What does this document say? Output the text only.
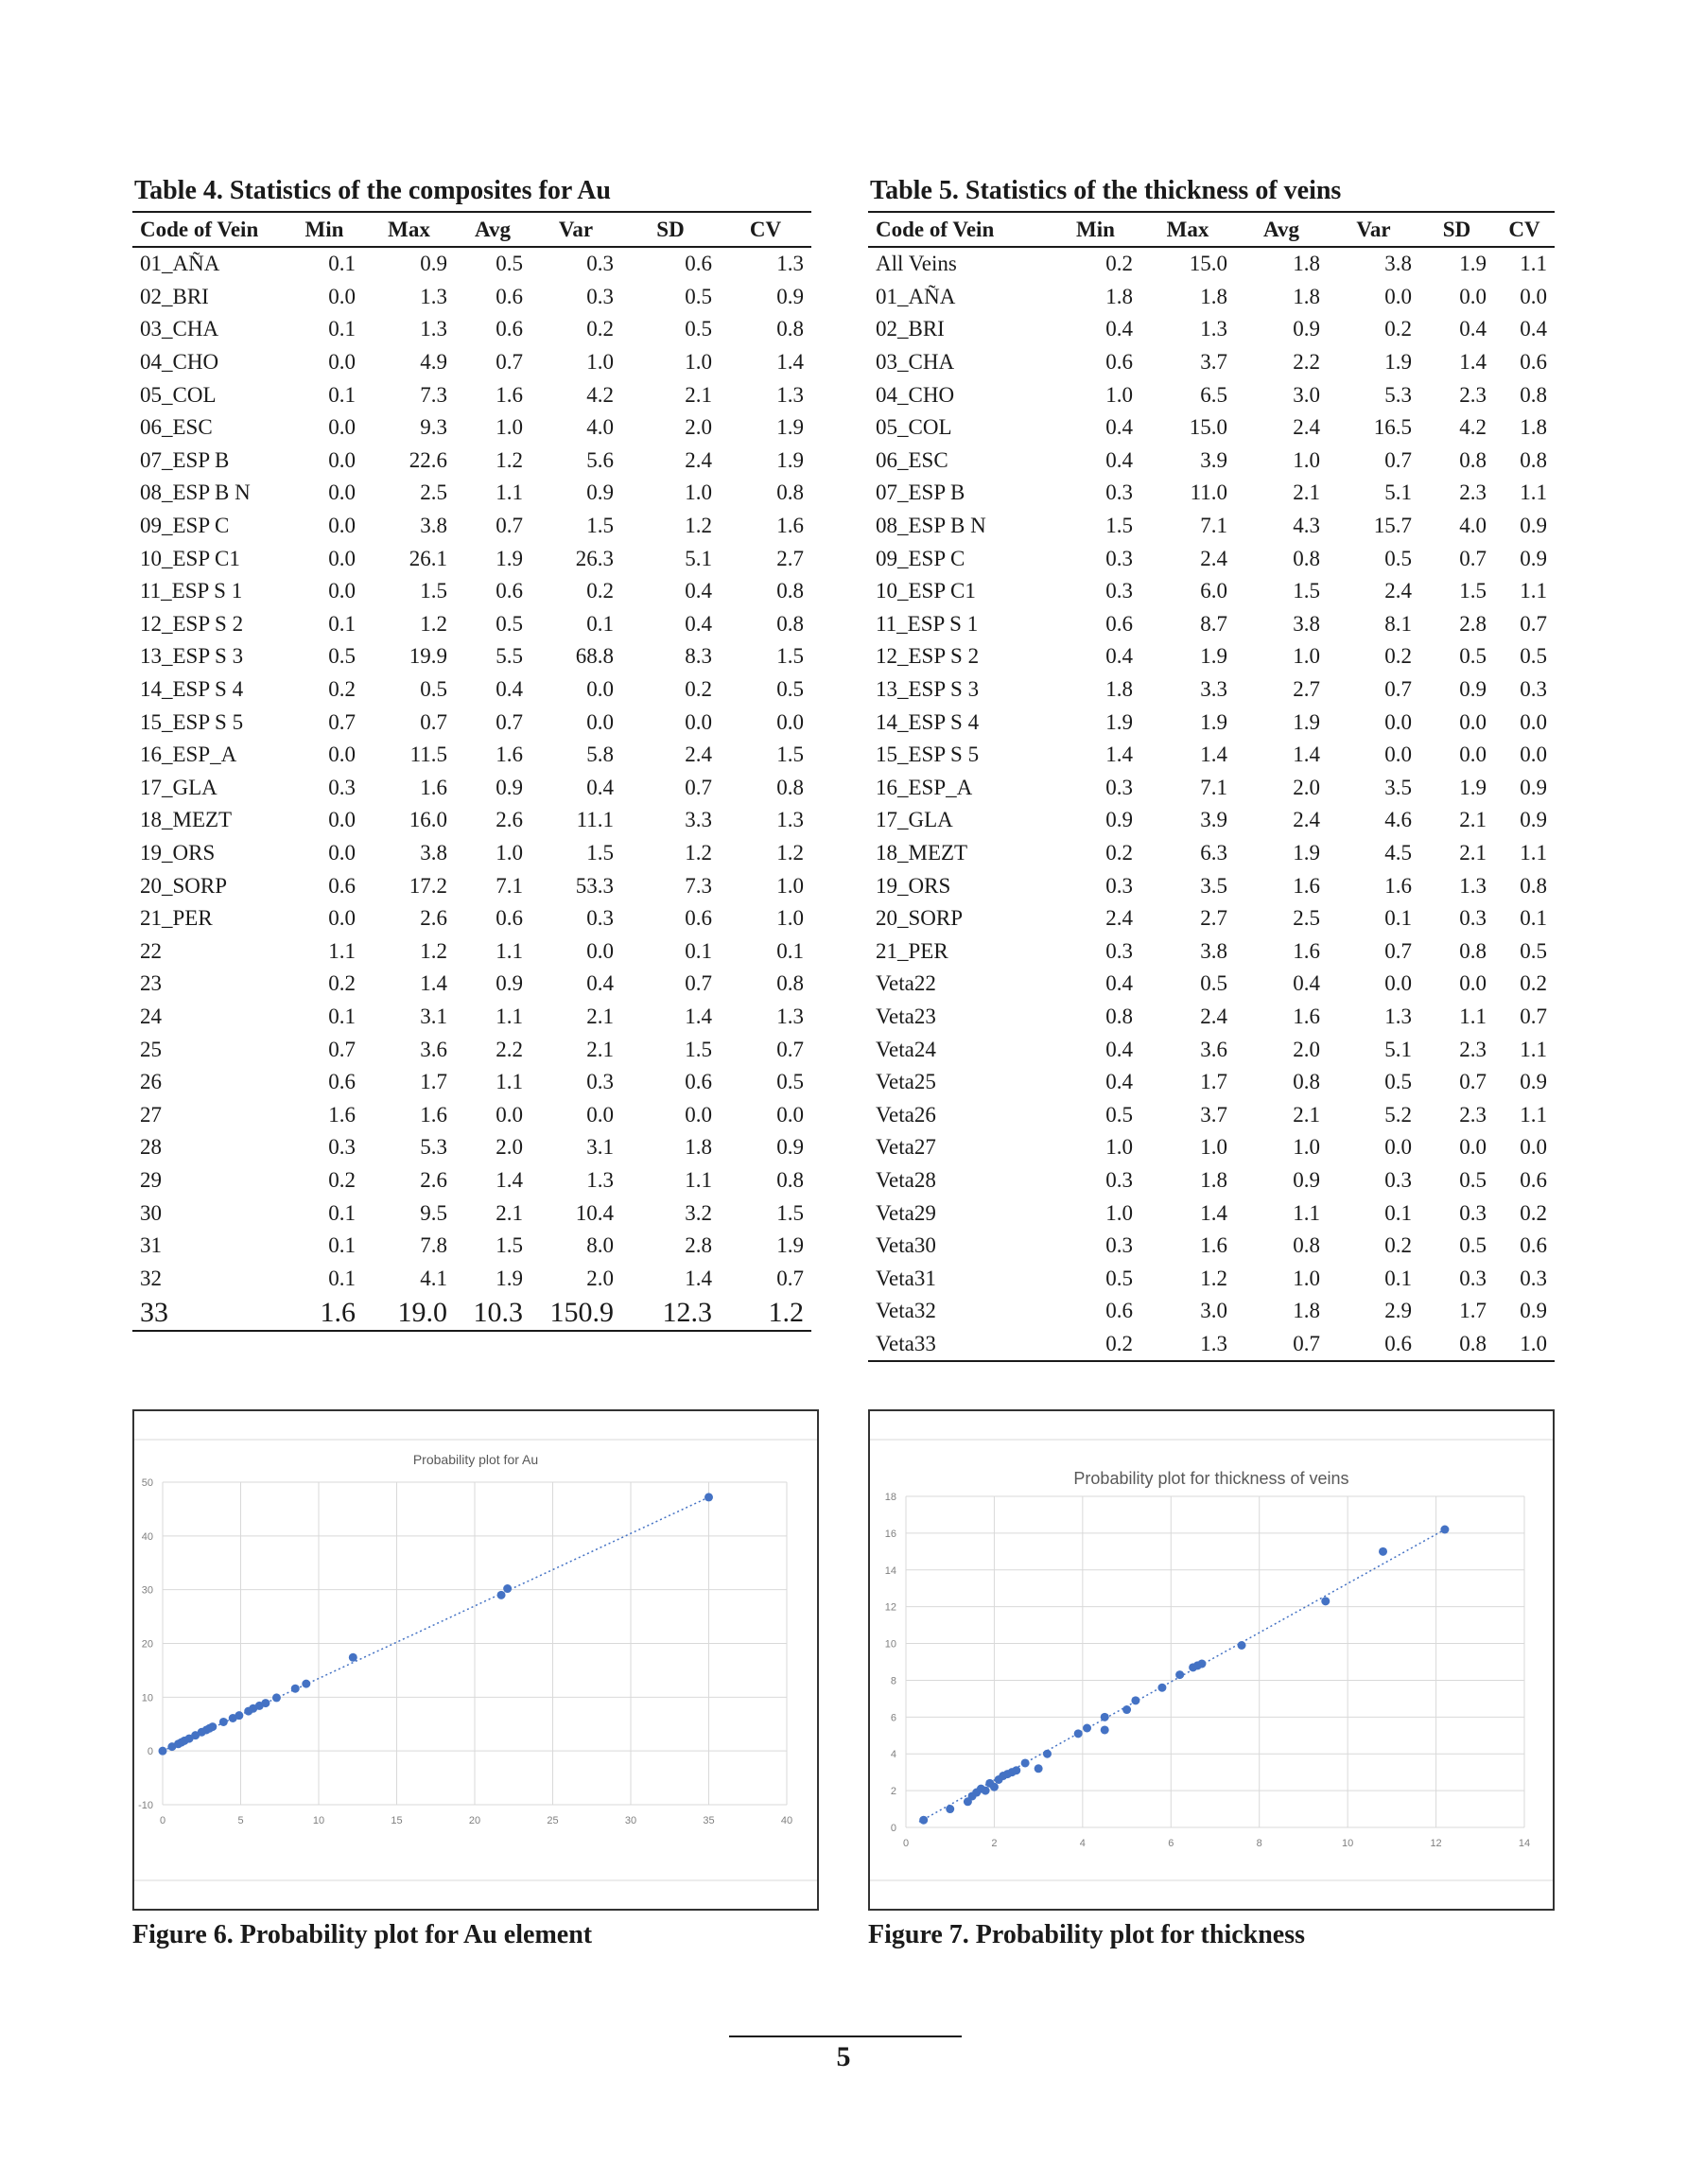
Table 4. Statistics of the composites for Au
Code of Vein	Min	Max	Avg	Var	SD	CV
01_AÑA	0.1	0.9	0.5	0.3	0.6	1.3
02_BRI	0.0	1.3	0.6	0.3	0.5	0.9
03_CHA	0.1	1.3	0.6	0.2	0.5	0.8
04_CHO	0.0	4.9	0.7	1.0	1.0	1.4
05_COL	0.1	7.3	1.6	4.2	2.1	1.3
06_ESC	0.0	9.3	1.0	4.0	2.0	1.9
07_ESP B	0.0	22.6	1.2	5.6	2.4	1.9
08_ESP B N	0.0	2.5	1.1	0.9	1.0	0.8
09_ESP C	0.0	3.8	0.7	1.5	1.2	1.6
10_ESP C1	0.0	26.1	1.9	26.3	5.1	2.7
11_ESP S 1	0.0	1.5	0.6	0.2	0.4	0.8
12_ESP S 2	0.1	1.2	0.5	0.1	0.4	0.8
13_ESP S 3	0.5	19.9	5.5	68.8	8.3	1.5
14_ESP S 4	0.2	0.5	0.4	0.0	0.2	0.5
15_ESP S 5	0.7	0.7	0.7	0.0	0.0	0.0
16_ESP_A	0.0	11.5	1.6	5.8	2.4	1.5
17_GLA	0.3	1.6	0.9	0.4	0.7	0.8
18_MEZT	0.0	16.0	2.6	11.1	3.3	1.3
19_ORS	0.0	3.8	1.0	1.5	1.2	1.2
20_SORP	0.6	17.2	7.1	53.3	7.3	1.0
21_PER	0.0	2.6	0.6	0.3	0.6	1.0
22	1.1	1.2	1.1	0.0	0.1	0.1
23	0.2	1.4	0.9	0.4	0.7	0.8
24	0.1	3.1	1.1	2.1	1.4	1.3
25	0.7	3.6	2.2	2.1	1.5	0.7
26	0.6	1.7	1.1	0.3	0.6	0.5
27	1.6	1.6	0.0	0.0	0.0	0.0
28	0.3	5.3	2.0	3.1	1.8	0.9
29	0.2	2.6	1.4	1.3	1.1	0.8
30	0.1	9.5	2.1	10.4	3.2	1.5
31	0.1	7.8	1.5	8.0	2.8	1.9
32	0.1	4.1	1.9	2.0	1.4	0.7
33	1.6	19.0	10.3	150.9	12.3	1.2
Table 5. Statistics of the thickness of veins
Code of Vein	Min	Max	Avg	Var	SD	CV
All Veins	0.2	15.0	1.8	3.8	1.9	1.1
01_AÑA	1.8	1.8	1.8	0.0	0.0	0.0
02_BRI	0.4	1.3	0.9	0.2	0.4	0.4
03_CHA	0.6	3.7	2.2	1.9	1.4	0.6
04_CHO	1.0	6.5	3.0	5.3	2.3	0.8
05_COL	0.4	15.0	2.4	16.5	4.2	1.8
06_ESC	0.4	3.9	1.0	0.7	0.8	0.8
07_ESP B	0.3	11.0	2.1	5.1	2.3	1.1
08_ESP B N	1.5	7.1	4.3	15.7	4.0	0.9
09_ESP C	0.3	2.4	0.8	0.5	0.7	0.9
10_ESP C1	0.3	6.0	1.5	2.4	1.5	1.1
11_ESP S 1	0.6	8.7	3.8	8.1	2.8	0.7
12_ESP S 2	0.4	1.9	1.0	0.2	0.5	0.5
13_ESP S 3	1.8	3.3	2.7	0.7	0.9	0.3
14_ESP S 4	1.9	1.9	1.9	0.0	0.0	0.0
15_ESP S 5	1.4	1.4	1.4	0.0	0.0	0.0
16_ESP_A	0.3	7.1	2.0	3.5	1.9	0.9
17_GLA	0.9	3.9	2.4	4.6	2.1	0.9
18_MEZT	0.2	6.3	1.9	4.5	2.1	1.1
19_ORS	0.3	3.5	1.6	1.6	1.3	0.8
20_SORP	2.4	2.7	2.5	0.1	0.3	0.1
21_PER	0.3	3.8	1.6	0.7	0.8	0.5
Veta22	0.4	0.5	0.4	0.0	0.0	0.2
Veta23	0.8	2.4	1.6	1.3	1.1	0.7
Veta24	0.4	3.6	2.0	5.1	2.3	1.1
Veta25	0.4	1.7	0.8	0.5	0.7	0.9
Veta26	0.5	3.7	2.1	5.2	2.3	1.1
Veta27	1.0	1.0	1.0	0.0	0.0	0.0
Veta28	0.3	1.8	0.9	0.3	0.5	0.6
Veta29	1.0	1.4	1.1	0.1	0.3	0.2
Veta30	0.3	1.6	0.8	0.2	0.5	0.6
Veta31	0.5	1.2	1.0	0.1	0.3	0.3
Veta32	0.6	3.0	1.8	2.9	1.7	0.9
Veta33	0.2	1.3	0.7	0.6	0.8	1.0
Probability plot for Au
0	5	10	15	20	25	30	35	40
-10
0
10
20
30
40
50
Figure 6. Probability plot for Au element
Probability plot for thickness of veins
0	2	4	6	8	10	12	14
0
2
4
6
8
10
12
14
16
18
Figure 7. Probability plot for thickness
5
